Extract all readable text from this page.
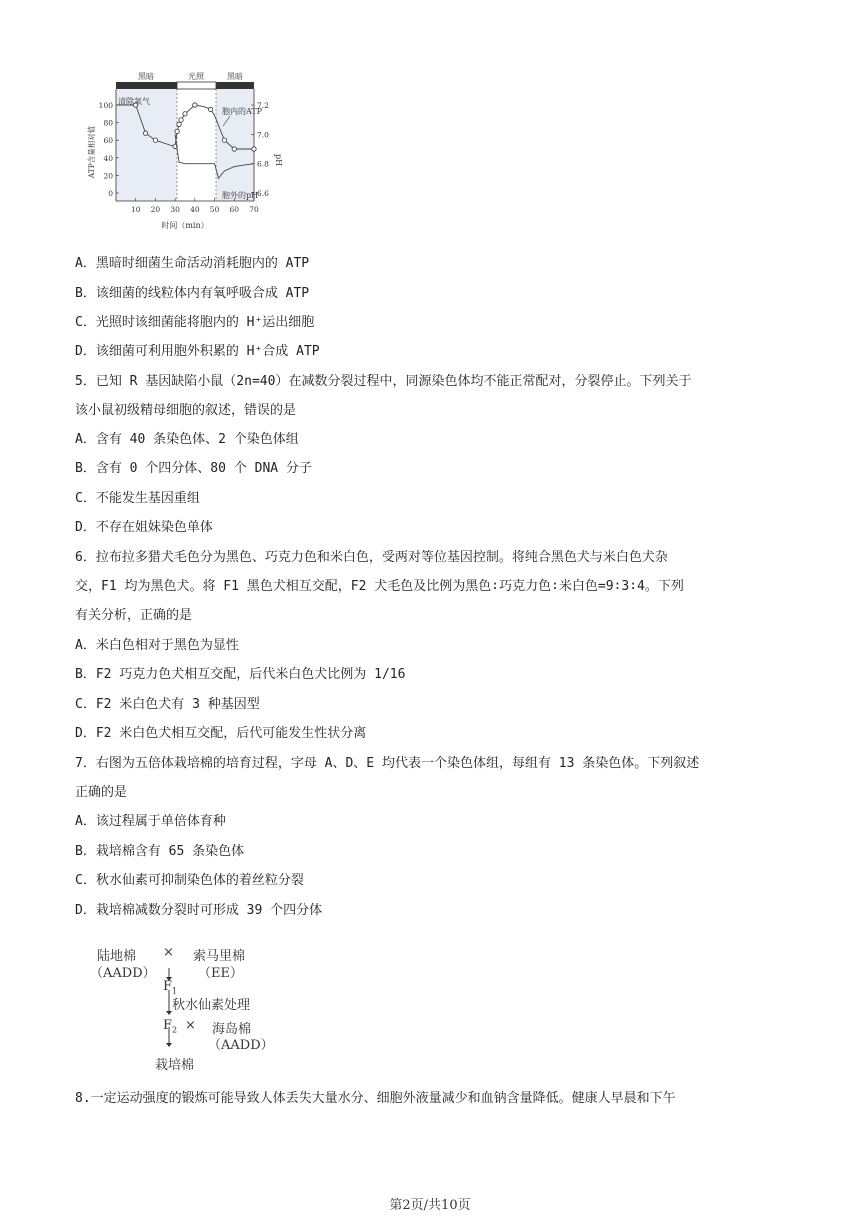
黑暗	光照	黑暗
100
80
60
40
20
0
7.2
7.0
6.8
6.6
10 20 30 40 50 60 70
ATP含量相对值	pH
时间（min）
清除氧气
胞内的ATP
胞外的pH
A．黑暗时细菌生命活动消耗胞内的 ATP
B．该细菌的线粒体内有氧呼吸合成 ATP
C．光照时该细菌能将胞内的 H⁺运出细胞
D．该细菌可利用胞外积累的 H⁺合成 ATP
5．已知 R 基因缺陷小鼠（2n=40）在减数分裂过程中，同源染色体均不能正常配对，分裂停止。下列关于
该小鼠初级精母细胞的叙述，错误的是
A．含有 40 条染色体、2 个染色体组
B．含有 0 个四分体、80 个 DNA 分子
C．不能发生基因重组
D．不存在姐妹染色单体
6．拉布拉多猎犬毛色分为黑色、巧克力色和米白色，受两对等位基因控制。将纯合黑色犬与米白色犬杂
交，F1 均为黑色犬。将 F1 黑色犬相互交配，F2 犬毛色及比例为黑色∶巧克力色∶米白色=9∶3∶4。下列
有关分析，正确的是
A．米白色相对于黑色为显性
B．F2 巧克力色犬相互交配，后代米白色犬比例为 1/16
C．F2 米白色犬有 3 种基因型
D．F2 米白色犬相互交配，后代可能发生性状分离
7．右图为五倍体栽培棉的培育过程，字母 A、D、E 均代表一个染色体组，每组有 13 条染色体。下列叙述
正确的是
A．该过程属于单倍体育种
B．栽培棉含有 65 条染色体
C．秋水仙素可抑制染色体的着丝粒分裂
D．栽培棉减数分裂时可形成 39 个四分体
陆地棉
（AADD）
× 索马里棉
（EE）
$F_1$
秋水仙素处理
$F_2$ × 海岛棉
（AADD）
栽培棉
8.一定运动强度的锻炼可能导致人体丢失大量水分、细胞外液量减少和血钠含量降低。健康人早晨和下午
第2页/共10页
